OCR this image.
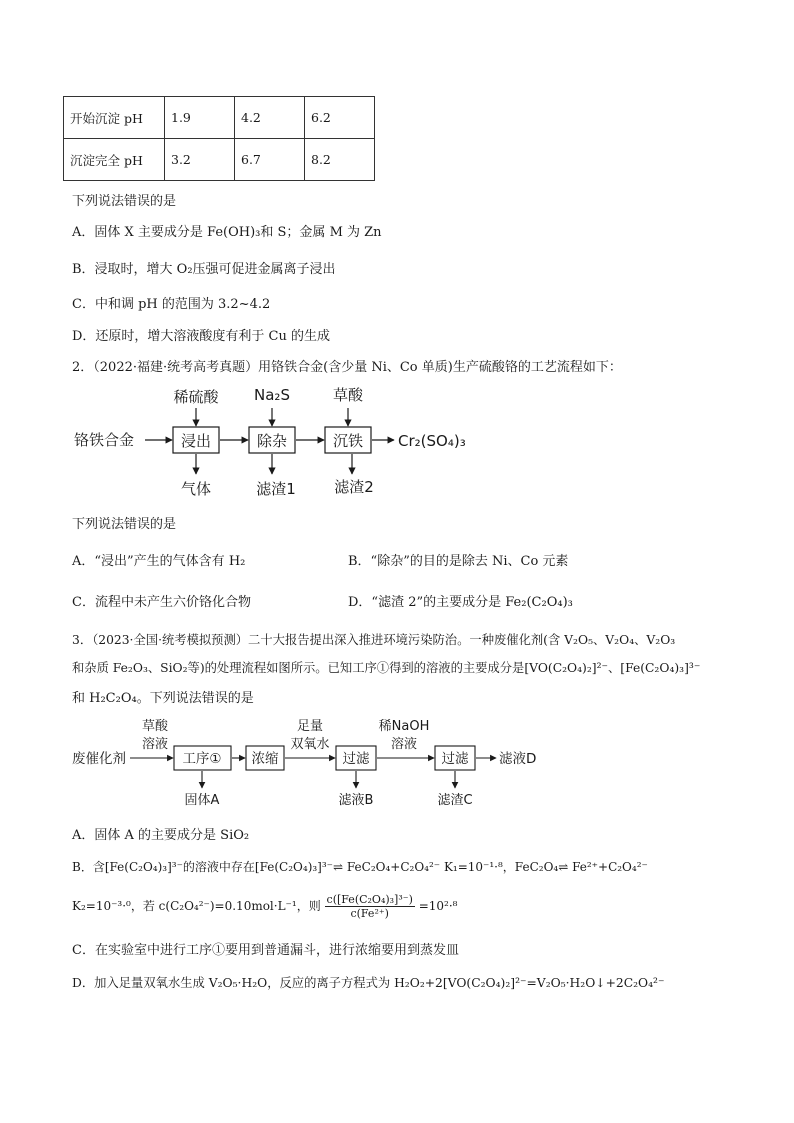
开始沉淀 pH	1.9	4.2	6.2
沉淀完全 pH	3.2	6.7	8.2
下列说法错误的是
A．固体 X 主要成分是 Fe(OH)₃和 S；金属 M 为 Zn
B．浸取时，增大 O₂压强可促进金属离子浸出
C．中和调 pH 的范围为 3.2~4.2
D．还原时，增大溶液酸度有利于 Cu 的生成
2．（2022·福建·统考高考真题）用铬铁合金(含少量 Ni、Co 单质)生产硫酸铬的工艺流程如下：
铬铁合金	浸出
稀硫酸
气体
除杂
Na₂S
滤渣1
沉铁
草酸
滤渣2
Cr₂(SO₄)₃
下列说法错误的是
A．“浸出”产生的气体含有 H₂	B．“除杂”的目的是除去 Ni、Co 元素
C．流程中未产生六价铬化合物	D．“滤渣 2”的主要成分是 Fe₂(C₂O₄)₃
3．（2023·全国·统考模拟预测）二十大报告提出深入推进环境污染防治。一种废催化剂(含 V₂O₅、V₂O₄、V₂O₃
和杂质 Fe₂O₃、SiO₂等)的处理流程如图所示。已知工序①得到的溶液的主要成分是[VO(C₂O₄)₂]²⁻、[Fe(C₂O₄)₃]³⁻
和 H₂C₂O₄。下列说法错误的是
废催化剂
草酸
溶液
工序①
固体A
浓缩
足量
双氧水
过滤
滤液B
稀NaOH
溶液
过滤
滤渣C
滤液D
A．固体 A 的主要成分是 SiO₂
B．含[Fe(C₂O₄)₃]³⁻的溶液中存在[Fe(C₂O₄)₃]³⁻⇌ FeC₂O₄+C₂O₄²⁻ K₁=10⁻¹·⁸，FeC₂O₄⇌ Fe²⁺+C₂O₄²⁻
K₂=10⁻³·⁰，若 c(C₂O₄²⁻)=0.10mol·L⁻¹，则 $\frac{\text{c([Fe(C₂O₄)₃]³⁻)}}{\text{c(Fe²⁺)}} =10^2\cdot^8$
C．在实验室中进行工序①要用到普通漏斗，进行浓缩要用到蒸发皿
D．加入足量双氧水生成 V₂O₅·H₂O，反应的离子方程式为 H₂O₂+2[VO(C₂O₄)₂]²⁻=V₂O₅·H₂O↓+2C₂O₄²⁻
